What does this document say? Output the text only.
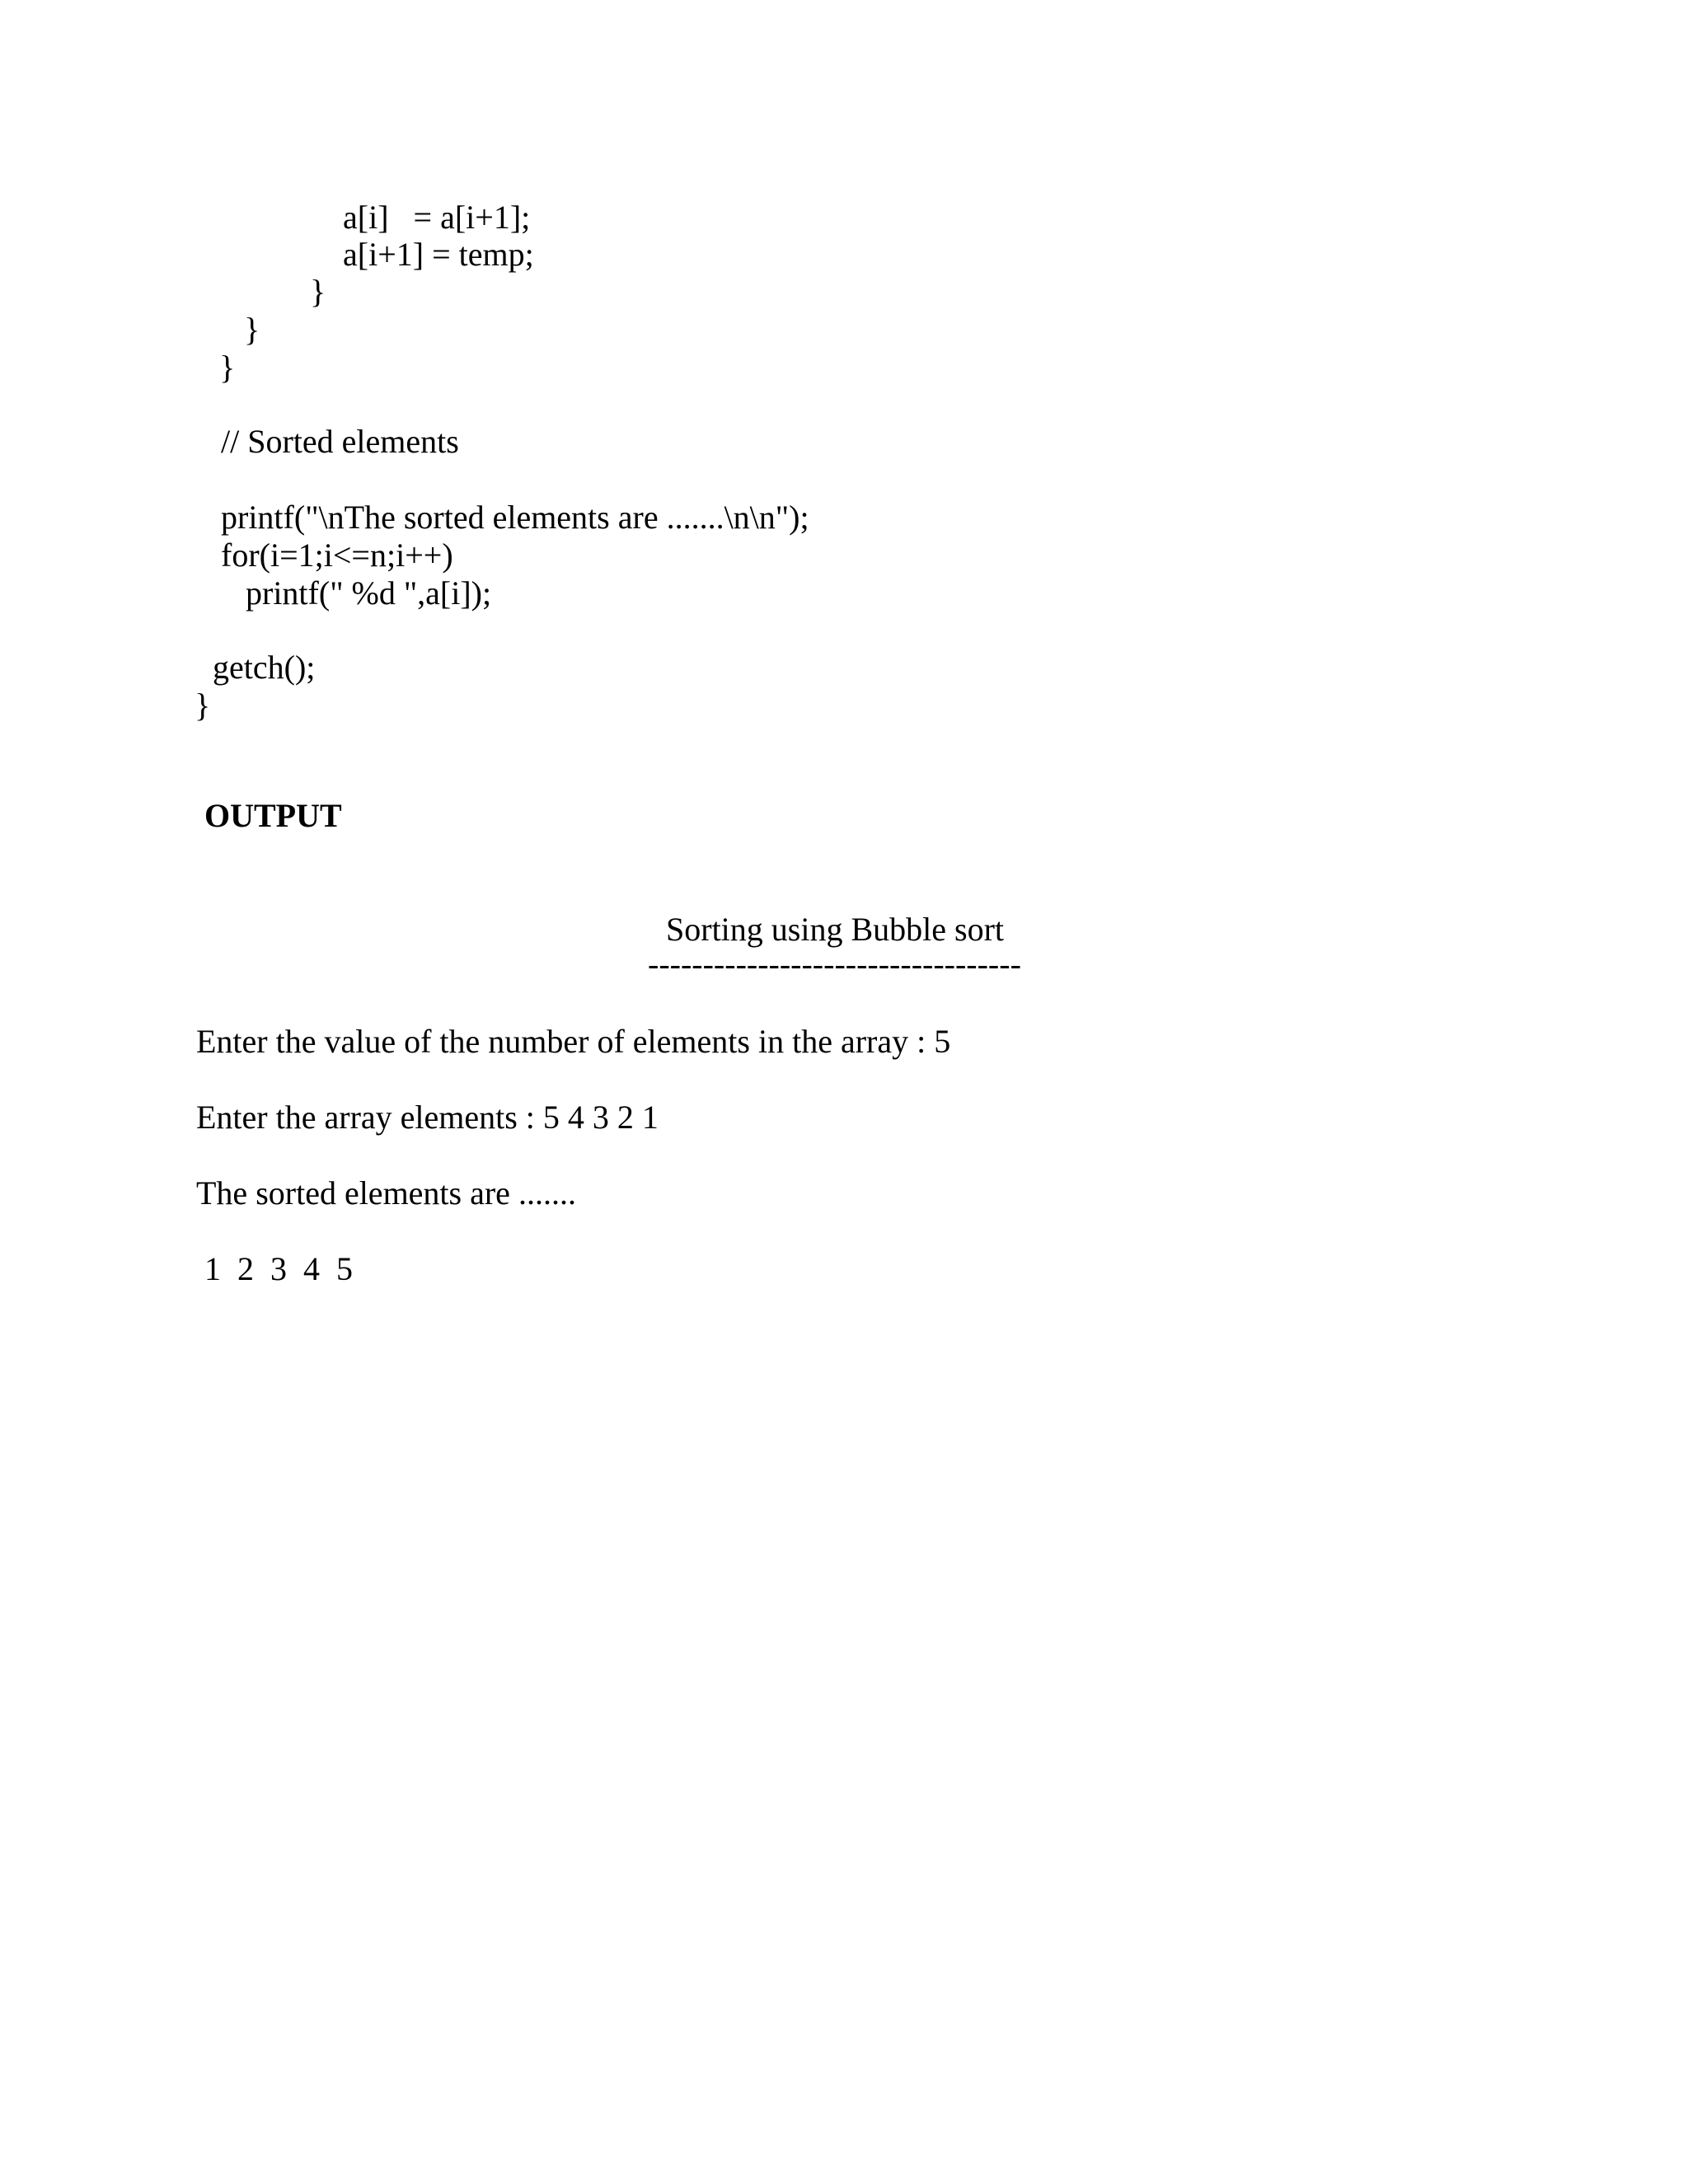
a[i]   = a[i+1];
a[i+1] = temp;
}
}
}
// Sorted elements
printf("\nThe sorted elements are .......\n\n");
for(i=1;i<=n;i++)
printf(" %d ",a[i]);
getch();
}
OUTPUT
Sorting using Bubble sort
----------------------------------
Enter the value of the number of elements in the array : 5
Enter the array elements : 5 4 3 2 1
The sorted elements are .......
1  2  3  4  5
